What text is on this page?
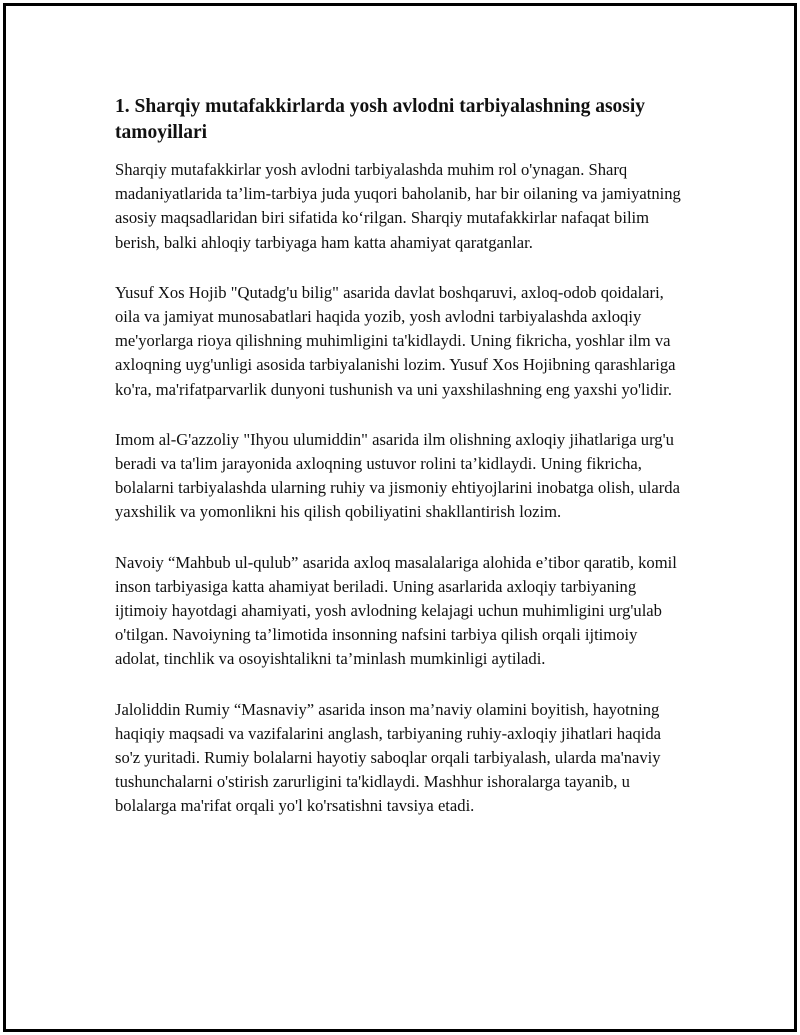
1. Sharqiy mutafakkirlarda yosh avlodni tarbiyalashning asosiy tamoyillari

Sharqiy mutafakkirlar yosh avlodni tarbiyalashda muhim rol o'ynagan. Sharq madaniyatlarida ta’lim-tarbiya juda yuqori baholanib, har bir oilaning va jamiyatning asosiy maqsadlaridan biri sifatida ko‘rilgan. Sharqiy mutafakkirlar nafaqat bilim berish, balki ahloqiy tarbiyaga ham katta ahamiyat qaratganlar.

Yusuf Xos Hojib "Qutadg'u bilig" asarida davlat boshqaruvi, axloq-odob qoidalari, oila va jamiyat munosabatlari haqida yozib, yosh avlodni tarbiyalashda axloqiy me'yorlarga rioya qilishning muhimligini ta'kidlaydi. Uning fikricha, yoshlar ilm va axloqning uyg'unligi asosida tarbiyalanishi lozim. Yusuf Xos Hojibning qarashlariga ko'ra, ma'rifatparvarlik dunyoni tushunish va uni yaxshilashning eng yaxshi yo'lidir.

Imom al-G'azzoliy "Ihyou ulumiddin" asarida ilm olishning axloqiy jihatlariga urg'u beradi va ta'lim jarayonida axloqning ustuvor rolini ta’kidlaydi. Uning fikricha, bolalarni tarbiyalashda ularning ruhiy va jismoniy ehtiyojlarini inobatga olish, ularda yaxshilik va yomonlikni his qilish qobiliyatini shakllantirish lozim.

Navoiy “Mahbub ul-qulub” asarida axloq masalalariga alohida e’tibor qaratib, komil inson tarbiyasiga katta ahamiyat beriladi. Uning asarlarida axloqiy tarbiyaning ijtimoiy hayotdagi ahamiyati, yosh avlodning kelajagi uchun muhimligini urg'ulab o'tilgan. Navoiyning ta’limotida insonning nafsini tarbiya qilish orqali ijtimoiy adolat, tinchlik va osoyishtalikni ta’minlash mumkinligi aytiladi.

Jaloliddin Rumiy “Masnaviy” asarida inson ma’naviy olamini boyitish, hayotning haqiqiy maqsadi va vazifalarini anglash, tarbiyaning ruhiy-axloqiy jihatlari haqida so'z yuritadi. Rumiy bolalarni hayotiy saboqlar orqali tarbiyalash, ularda ma'naviy tushunchalarni o'stirish zarurligini ta'kidlaydi. Mashhur ishoralarga tayanib, u bolalarga ma'rifat orqali yo'l ko'rsatishni tavsiya etadi.
